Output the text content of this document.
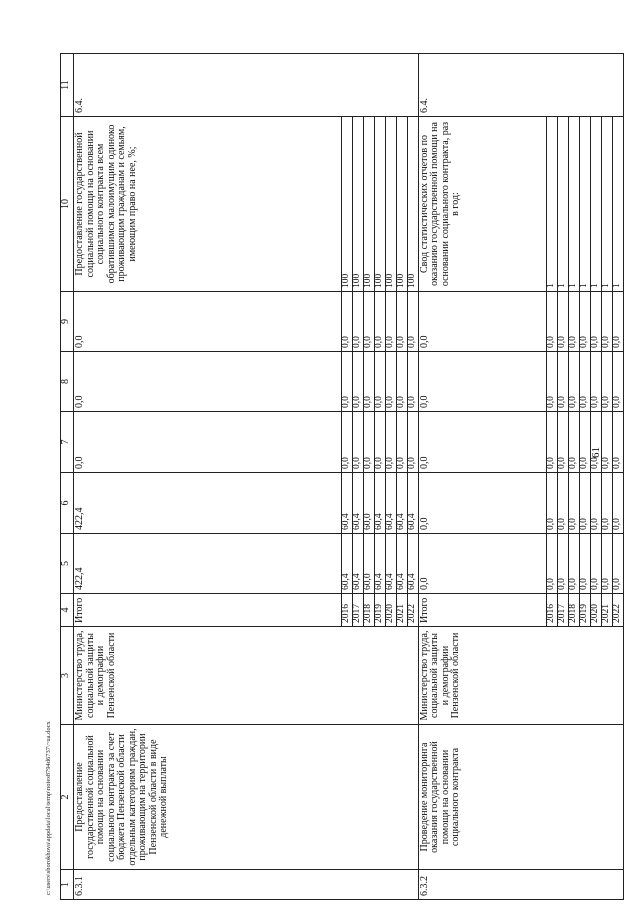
61
c:\users\shorokhova\appdata\local\temp\notes8794d6737\~ua.docx 1	2	3	4	5	6	7	8	9	10	11
6.3.1	Предоставление государственной социальной помощи на основании социального контракта за счет бюджета Пензенской области отдельным категориям граждан, проживающим на территории Пензенской области в виде денежной выплаты	Министерство труда, социальной защиты и демографии Пензенской области	Итого	422,4	422,4	0,0	0,0	0,0	Предоставление государственной социальной помощи на основании социального контракта всем обратившимся малоимущим одиноко проживающим гражданам и семьям, имеющим право на нее, %;	6.4.
			2016	60,4	60,4	0,0	0,0	0,0	100	
			2017	60,4	60,4	0,0	0,0	0,0	100	
			2018	60,0	60,0	0,0	0,0	0,0	100	
			2019	60,4	60,4	0,0	0,0	0,0	100	
			2020	60,4	60,4	0,0	0,0	0,0	100	
			2021	60,4	60,4	0,0	0,0	0,0	100	
			2022	60,4	60,4	0,0	0,0	0,0	100	
6.3.2	Проведение мониторинга оказания государственной помощи на основании социального контракта	Министерство труда, социальной защиты и демографии Пензенской области	Итого	0,0	0,0	0,0	0,0	0,0	Свод статистических отчетов по оказанию государственной помощи на основании социального контракта, раз в год:	6.4.
			2016	0,0	0,0	0,0	0,0	0,0	1	
			2017	0,0	0,0	0,0	0,0	0,0	1	
			2018	0,0	0,0	0,0	0,0	0,0	1	
			2019	0,0	0,0	0,0	0,0	0,0	1	
			2020	0,0	0,0	0,0	0,0	0,0	1	
			2021	0,0	0,0	0,0	0,0	0,0	1	
			2022	0,0	0,0	0,0	0,0	0,0	1	
